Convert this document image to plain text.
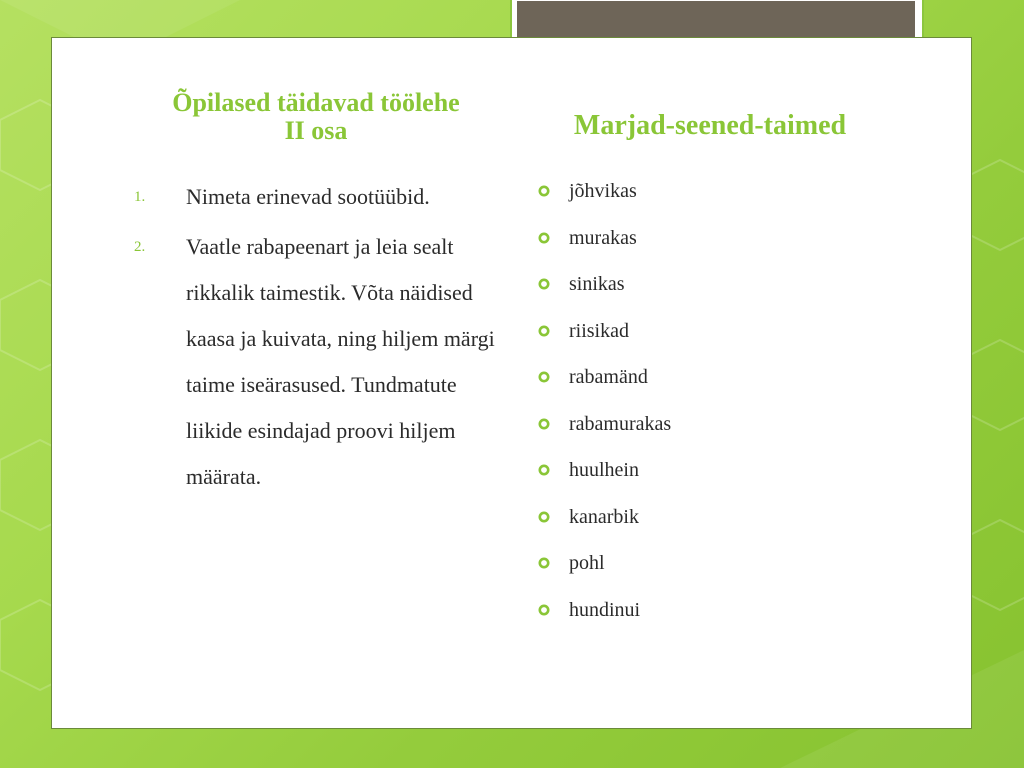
Õpilased täidavad töölehe II osa	Marjad-seened-taimed
1. Nimeta erinevad sootüübid.
2. Vaatle rabapeenart ja leia sealt rikkalik taimestik. Võta näidised kaasa ja kuivata, ning hiljem märgi taime iseärasused. Tundmatute liikide esindajad proovi hiljem määrata.
jõhvikas
murakas
sinikas
riisikad
rabamänd
rabamurakas
huulhein
kanarbik
pohl
hundinui
